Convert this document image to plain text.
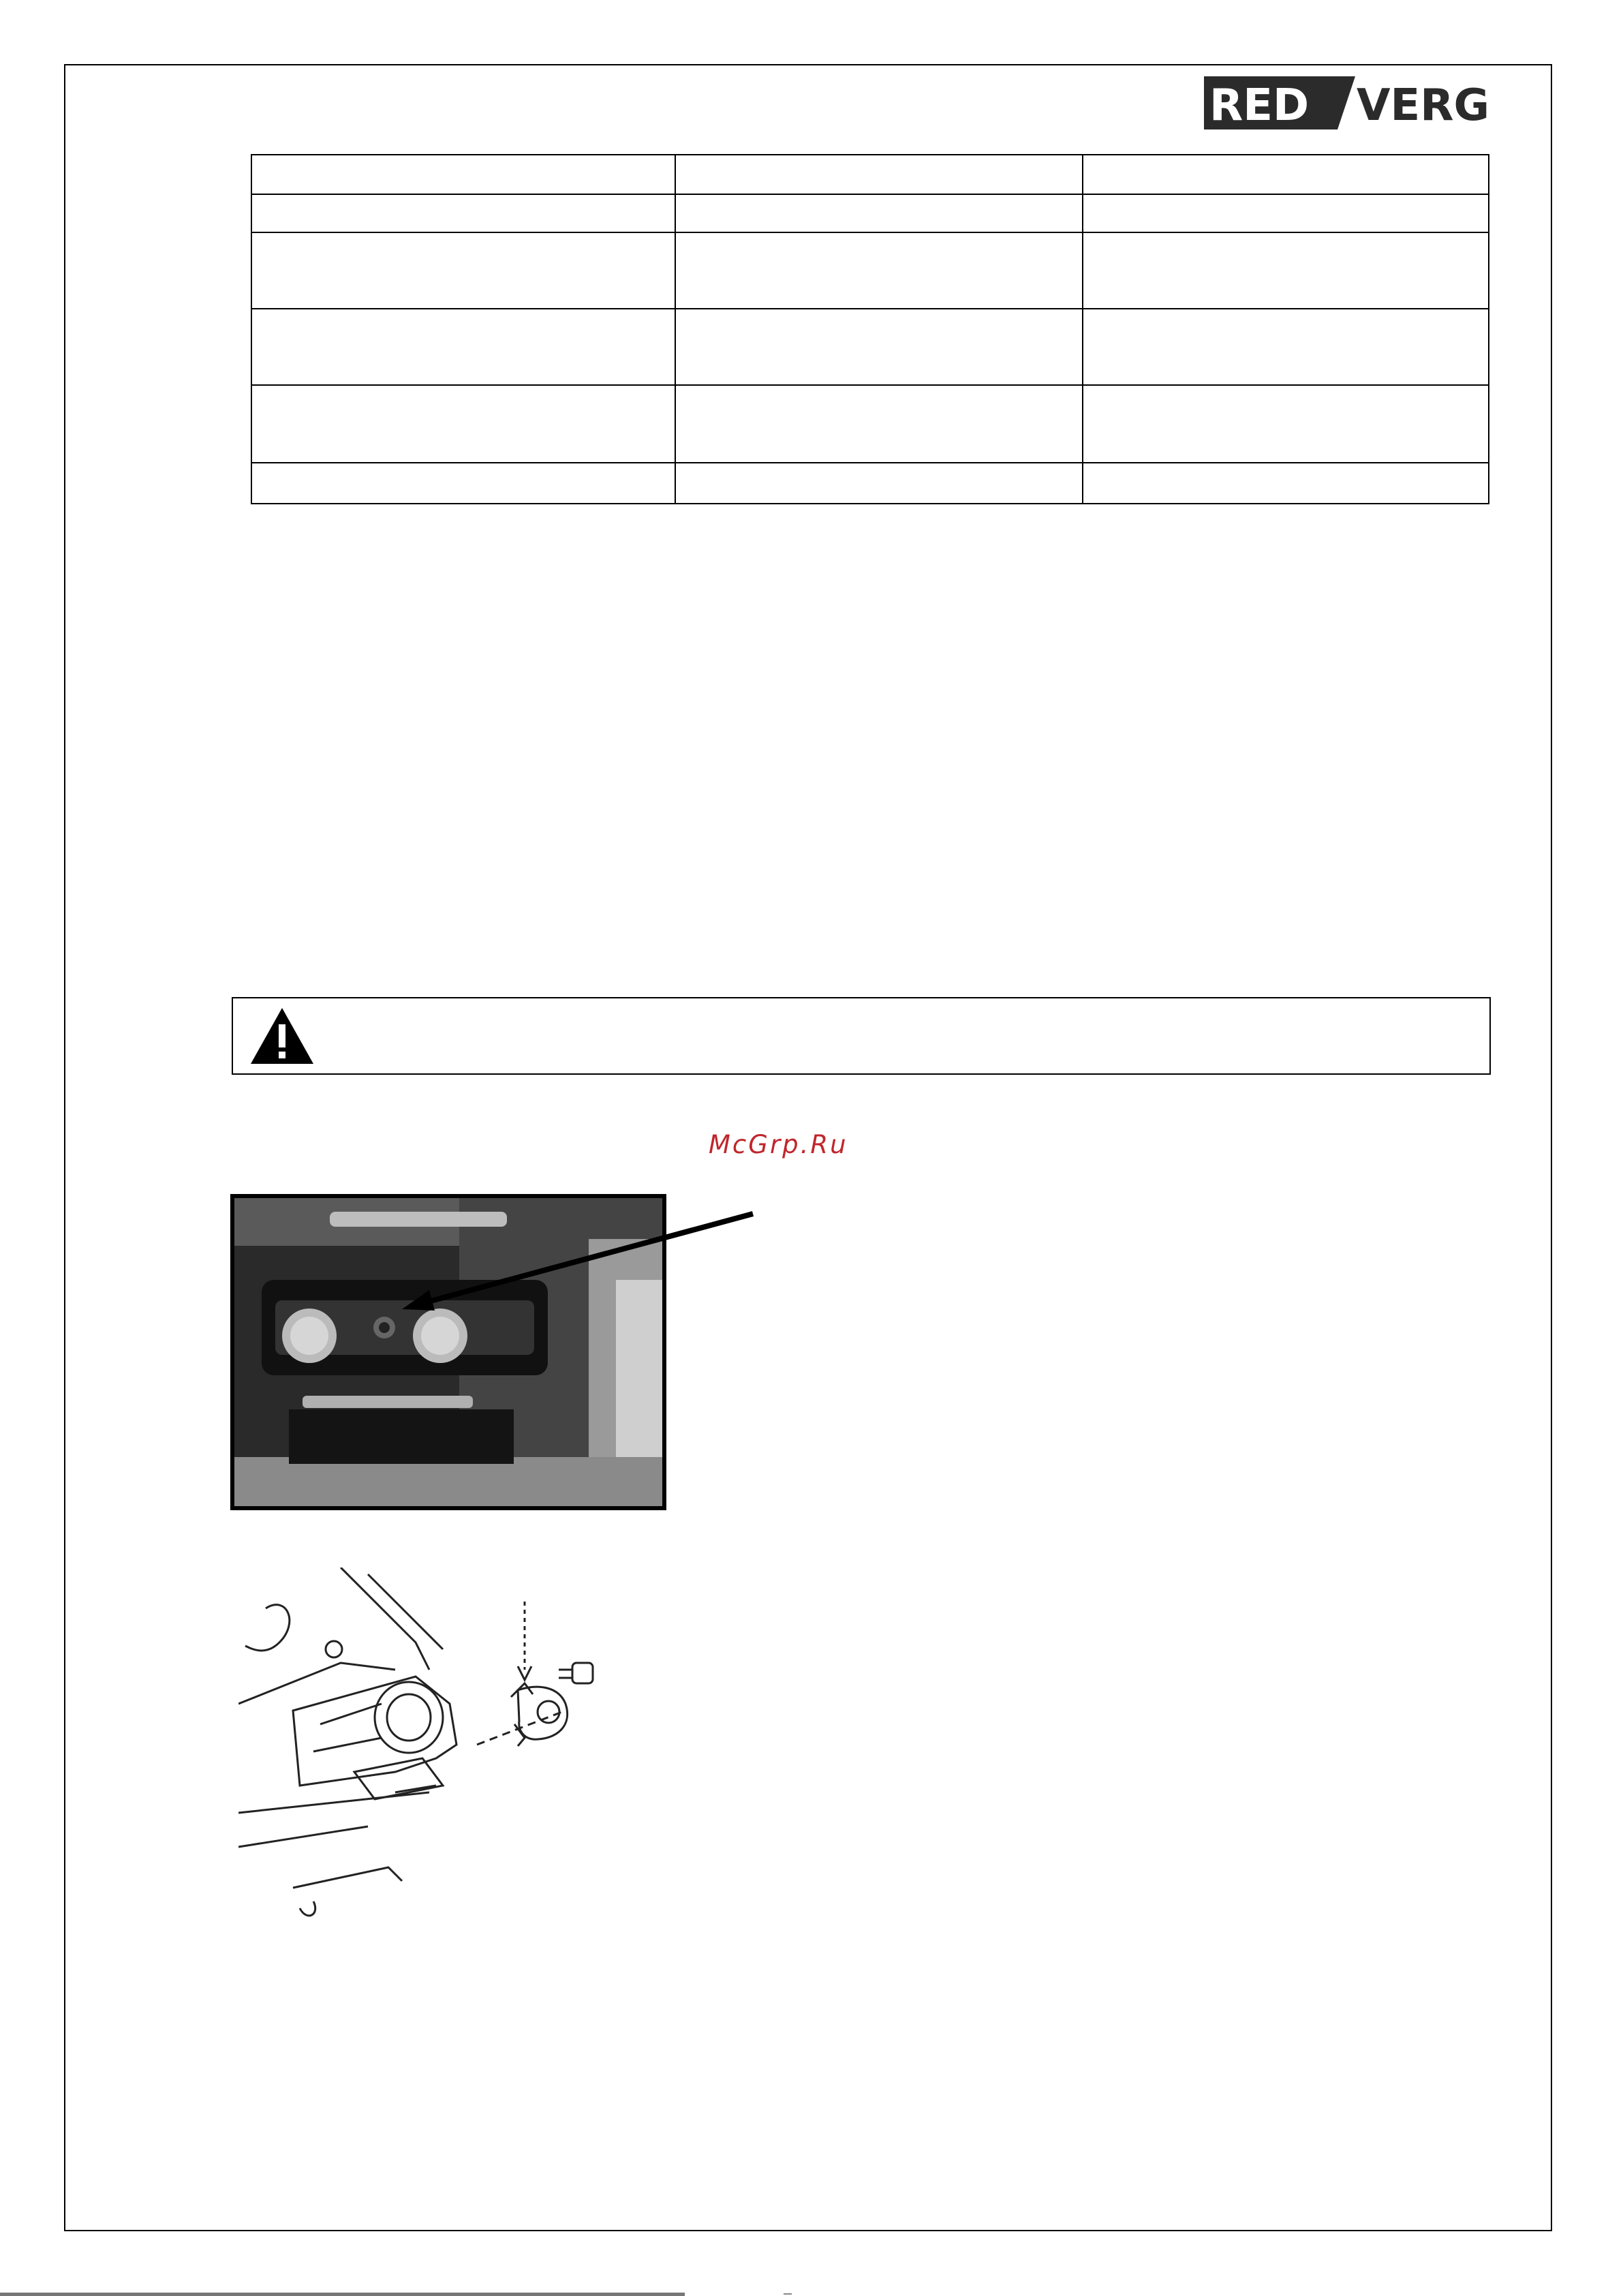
RED VERG

McGrp.Ru
